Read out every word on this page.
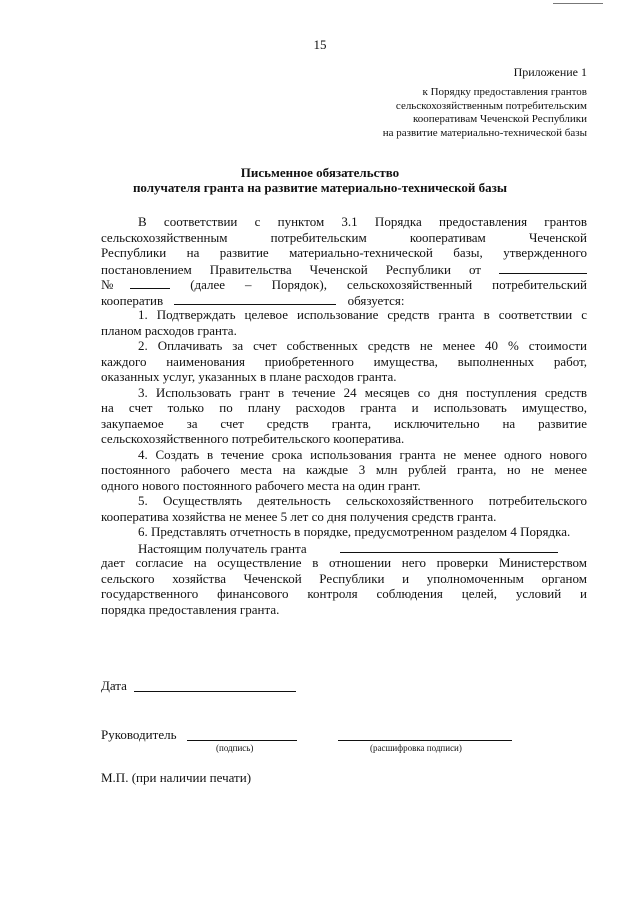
15
Приложение 1
к Порядку предоставления грантов
сельскохозяйственным потребительским
кооперативам Чеченской Республики
на развитие материально-технической базы
Письменное обязательство
получателя гранта на развитие материально-технической базы
В соответствии с пунктом 3.1 Порядка предоставления грантов
сельскохозяйственным потребительским кооперативам Чеченской
Республики на развитие материально-технической базы, утвержденного
постановлением Правительства Чеченской Республики от
№	(далее – Порядок), сельскохозяйственный потребительский
кооператив	обязуется:
1. Подтверждать целевое использование средств гранта в соответствии с
планом расходов гранта.
2. Оплачивать за счет собственных средств не менее 40 % стоимости
каждого наименования приобретенного имущества, выполненных работ,
оказанных услуг, указанных в плане расходов гранта.
3. Использовать грант в течение 24 месяцев со дня поступления средств
на счет только по плану расходов гранта и использовать имущество,
закупаемое за счет средств гранта, исключительно на развитие
сельскохозяйственного потребительского кооператива.
4. Создать в течение срока использования гранта не менее одного нового
постоянного рабочего места на каждые 3 млн рублей гранта, но не менее
одного нового постоянного рабочего места на один грант.
5. Осуществлять деятельность сельскохозяйственного потребительского
кооператива хозяйства не менее 5 лет со дня получения средств гранта.
6. Представлять отчетность в порядке, предусмотренном разделом 4 Порядка.
Настоящим получатель гранта
дает согласие на осуществление в отношении него проверки Министерством
сельского хозяйства Чеченской Республики и уполномоченным органом
государственного финансового контроля соблюдения целей, условий и
порядка предоставления гранта.
Дата
Руководитель
(подпись)	(расшифровка подписи)
М.П. (при наличии печати)
